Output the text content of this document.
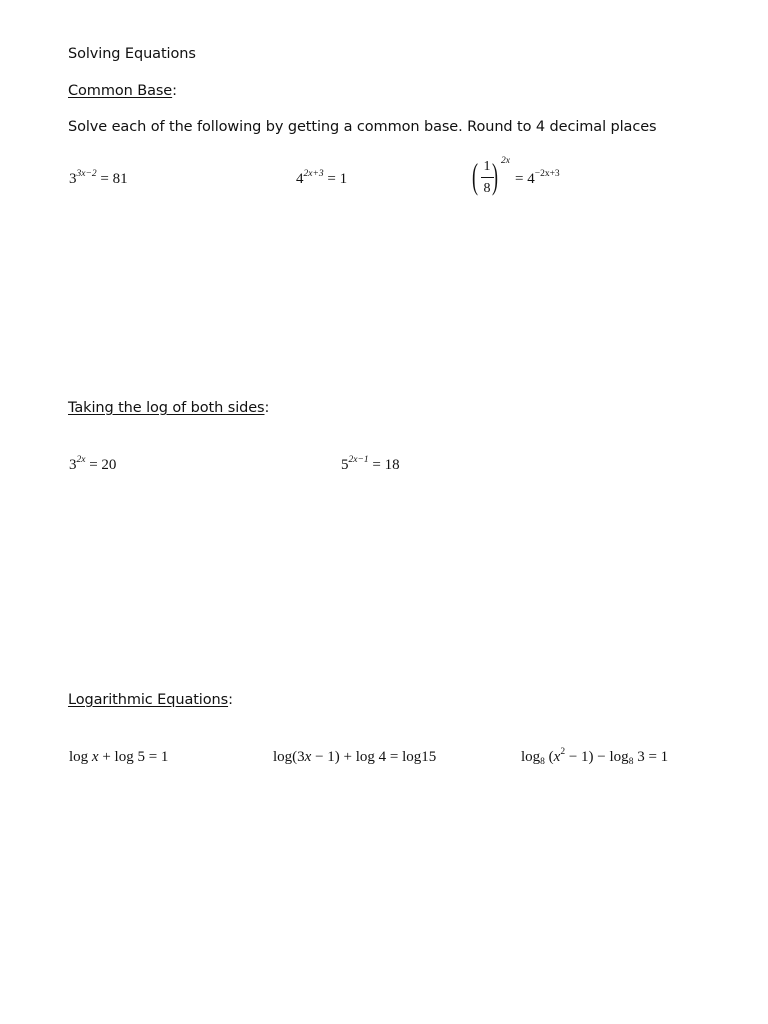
Solving Equations
Common Base:
Solve each of the following by getting a common base. Round to 4 decimal places
$3^{3x-2} = 81$	$4^{2x+3} = 1$	( 1
8 ) 2x
= $4^{-2x+3}$
Taking the log of both sides:
$3^{2x} = 20$	$5^{2x-1} = 18$
Logarithmic Equations:
log x + log 5 = 1	log(3x − 1) + log 4 = log15	$\log_8 (x^2 - 1) - \log_8 3 = 1$
